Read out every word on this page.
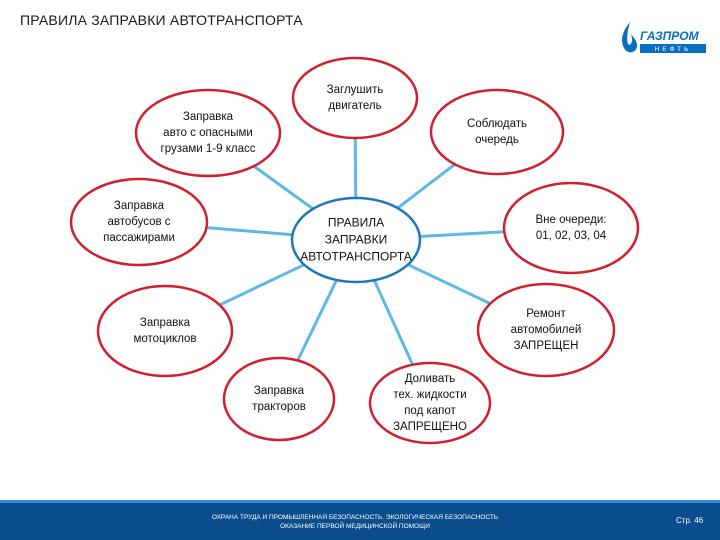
ПРАВИЛА ЗАПРАВКИ АВТОТРАНСПОРТА
ГАЗПРОМ
НЕФТЬ
ПРАВИЛА
ЗАПРАВКИ
АВТОТРАНСПОРТА
Заглушить
двигатель
Соблюдать
очередь
Вне очереди:
01, 02, 03, 04
Ремонт
автомобилей
ЗАПРЕЩЕН
Доливать
тех. жидкости
под капот
ЗАПРЕЩЕНО
Заправка
тракторов
Заправка
мотоциклов
Заправка
автобусов с
пассажирами
Заправка
авто с опасными
грузами 1-9 класс
ОХРАНА ТРУДА И ПРОМЫШЛЕННАЯ БЕЗОПАСНОСТЬ. ЭКОЛОГИЧЕСКАЯ БЕЗОПАСНОСТЬ
ОКАЗАНИЕ ПЕРВОЙ МЕДИЦИНСКОЙ ПОМОЩИ
Стр. 46
